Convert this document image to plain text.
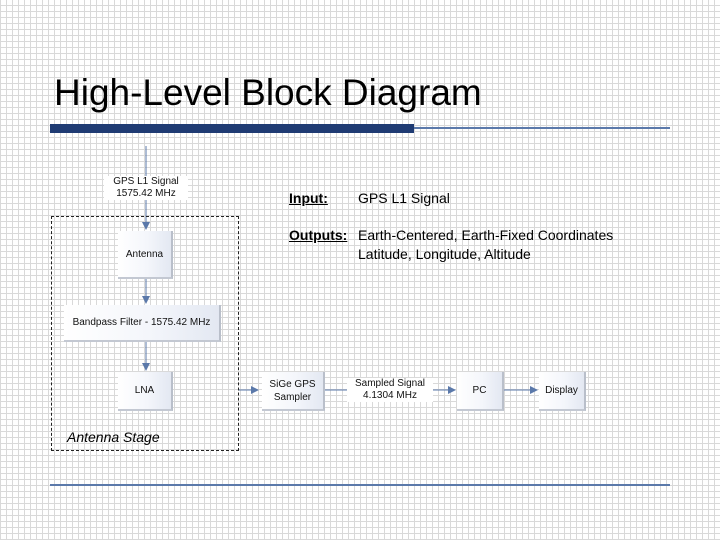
High-Level Block Diagram
GPS L1 Signal
1575.42 MHz
Antenna
Bandpass Filter - 1575.42 MHz
LNA
Antenna Stage
SiGe GPS
Sampler
Sampled Signal
4.1304 MHz	PC	Display
Input: GPS L1 Signal
Outputs: Earth-Centered, Earth-Fixed Coordinates
Latitude, Longitude, Altitude
